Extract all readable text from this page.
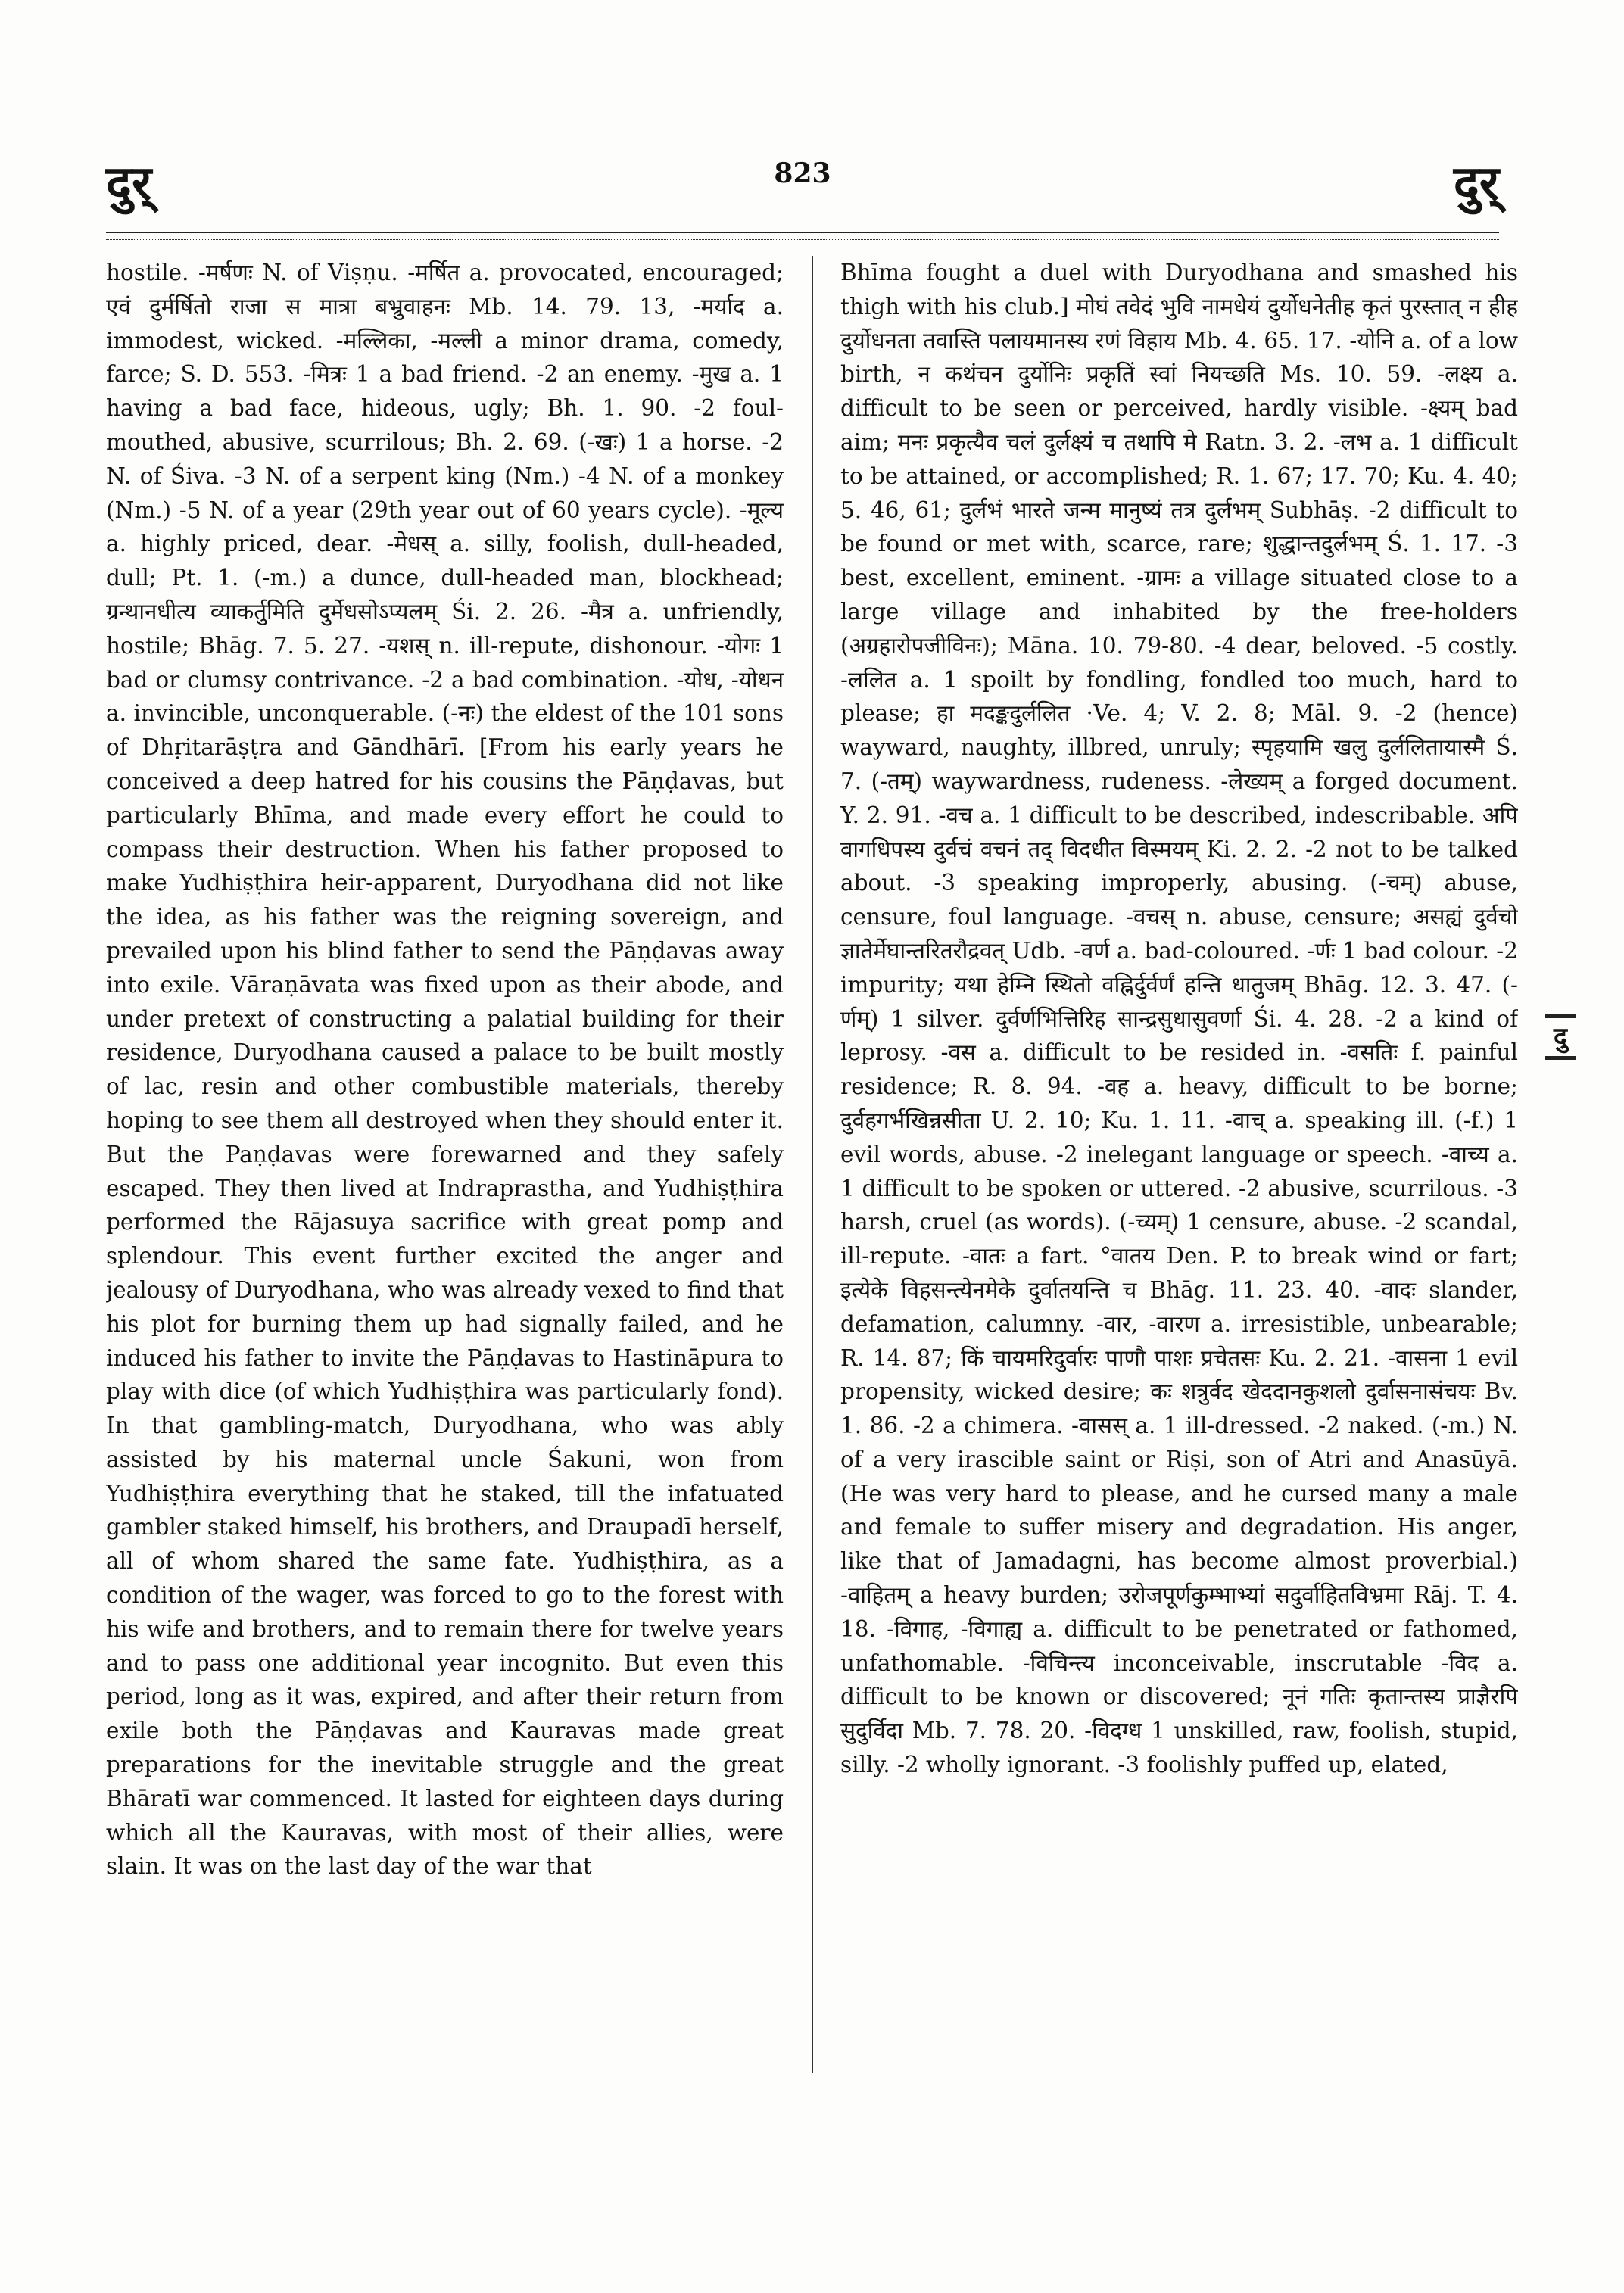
दुर्	823	दुर्

hostile. -मर्षणः N. of Viṣṇu. -मर्षित a. provocated, encouraged; एवं दुर्मर्षितो राजा स मात्रा बभ्रुवाहनः Mb. 14. 79. 13, -मर्याद a. immodest, wicked. -मल्लिका, -मल्ली a minor drama, comedy, farce; S. D. 553. -मित्रः 1 a bad friend. -2 an enemy. -मुख a. 1 having a bad face, hideous, ugly; Bh. 1. 90. -2 foul-mouthed, abusive, scurrilous; Bh. 2. 69. (-खः) 1 a horse. -2 N. of Śiva. -3 N. of a serpent king (Nm.) -4 N. of a monkey (Nm.) -5 N. of a year (29th year out of 60 years cycle). -मूल्य a. highly priced, dear. -मेधस् a. silly, foolish, dull-headed, dull; Pt. 1. (-m.) a dunce, dull-headed man, blockhead; ग्रन्थानधीत्य व्याकर्तुमिति दुर्मेधसोऽप्यलम् Śi. 2. 26. -मैत्र a. unfriendly, hostile; Bhāg. 7. 5. 27. -यशस् n. ill-repute, dishonour. -योगः 1 bad or clumsy contrivance. -2 a bad combination. -योध, -योधन a. invincible, unconquerable. (-नः) the eldest of the 101 sons of Dhṛitarāṣṭra and Gāndhārī. [From his early years he conceived a deep hatred for his cousins the Pāṇḍavas, but particularly Bhīma, and made every effort he could to compass their destruction. When his father proposed to make Yudhiṣṭhira heir-apparent, Duryodhana did not like the idea, as his father was the reigning sovereign, and prevailed upon his blind father to send the Pāṇḍavas away into exile. Vāraṇāvata was fixed upon as their abode, and under pretext of constructing a palatial building for their residence, Duryodhana caused a palace to be built mostly of lac, resin and other combustible materials, thereby hoping to see them all destroyed when they should enter it. But the Paṇḍavas were forewarned and they safely escaped. They then lived at Indraprastha, and Yudhiṣṭhira performed the Rājasuya sacrifice with great pomp and splendour. This event further excited the anger and jealousy of Duryodhana, who was already vexed to find that his plot for burning them up had signally failed, and he induced his father to invite the Pāṇḍavas to Hastināpura to play with dice (of which Yudhiṣṭhira was particularly fond). In that gambling-match, Duryodhana, who was ably assisted by his maternal uncle Śakuni, won from Yudhiṣṭhira everything that he staked, till the infatuated gambler staked himself, his brothers, and Draupadī herself, all of whom shared the same fate. Yudhiṣṭhira, as a condition of the wager, was forced to go to the forest with his wife and brothers, and to remain there for twelve years and to pass one additional year incognito. But even this period, long as it was, expired, and after their return from exile both the Pāṇḍavas and Kauravas made great preparations for the inevitable struggle and the great Bhāratī war commenced. It lasted for eighteen days during which all the Kauravas, with most of their allies, were slain. It was on the last day of the war that

Bhīma fought a duel with Duryodhana and smashed his thigh with his club.] मोघं तवेदं भुवि नामधेयं दुर्योधनेतीह कृतं पुरस्तात् न हीह दुर्योधनता तवास्ति पलायमानस्य रणं विहाय Mb. 4. 65. 17. -योनि a. of a low birth, न कथंचन दुर्योनिः प्रकृतिं स्वां नियच्छति Ms. 10. 59. -लक्ष्य a. difficult to be seen or perceived, hardly visible. -क्ष्यम् bad aim; मनः प्रकृत्यैव चलं दुर्लक्ष्यं च तथापि मे Ratn. 3. 2. -लभ a. 1 difficult to be attained, or accomplished; R. 1. 67; 17. 70; Ku. 4. 40; 5. 46, 61; दुर्लभं भारते जन्म मानुष्यं तत्र दुर्लभम् Subhāṣ. -2 difficult to be found or met with, scarce, rare; शुद्धान्तदुर्लभम् Ś. 1. 17. -3 best, excellent, eminent. -ग्रामः a village situated close to a large village and inhabited by the free-holders (अग्रहारोपजीविनः); Māna. 10. 79-80. -4 dear, beloved. -5 costly. -ललित a. 1 spoilt by fondling, fondled too much, hard to please; हा मदङ्कदुर्ललित ·Ve. 4; V. 2. 8; Māl. 9. -2 (hence) wayward, naughty, illbred, unruly; स्पृहयामि खलु दुर्ललितायास्मै Ś. 7. (-तम्) waywardness, rudeness. -लेख्यम् a forged document. Y. 2. 91. -वच a. 1 difficult to be described, indescribable. अपि वागधिपस्य दुर्वचं वचनं तद् विदधीत विस्मयम् Ki. 2. 2. -2 not to be talked about. -3 speaking improperly, abusing. (-चम्) abuse, censure, foul language. -वचस् n. abuse, censure; असह्यं दुर्वचो ज्ञातेर्मेघान्तरितरौद्रवत् Udb. -वर्ण a. bad-coloured. -र्णः 1 bad colour. -2 impurity; यथा हेम्नि स्थितो वह्निर्दुर्वर्णं हन्ति धातुजम् Bhāg. 12. 3. 47. (-र्णम्) 1 silver. दुर्वर्णभित्तिरिह सान्द्रसुधासुवर्णा Śi. 4. 28. -2 a kind of leprosy. -वस a. difficult to be resided in. -वसतिः f. painful residence; R. 8. 94. -वह a. heavy, difficult to be borne; दुर्वहगर्भखिन्नसीता U. 2. 10; Ku. 1. 11. -वाच् a. speaking ill. (-f.) 1 evil words, abuse. -2 inelegant language or speech. -वाच्य a. 1 difficult to be spoken or uttered. -2 abusive, scurrilous. -3 harsh, cruel (as words). (-च्यम्) 1 censure, abuse. -2 scandal, ill-repute. -वातः a fart. °वातय Den. P. to break wind or fart; इत्येके विहसन्त्येनमेके दुर्वातयन्ति च Bhāg. 11. 23. 40. -वादः slander, defamation, calumny. -वार, -वारण a. irresistible, unbearable; R. 14. 87; किं चायमरिदुर्वारः पाणौ पाशः प्रचेतसः Ku. 2. 21. -वासना 1 evil propensity, wicked desire; कः शत्रुर्वद खेददानकुशलो दुर्वासनासंचयः Bv. 1. 86. -2 a chimera. -वासस् a. 1 ill-dressed. -2 naked. (-m.) N. of a very irascible saint or Riṣi, son of Atri and Anasūyā. (He was very hard to please, and he cursed many a male and female to suffer misery and degradation. His anger, like that of Jamadagni, has become almost proverbial.) -वाहितम् a heavy burden; उरोजपूर्णकुम्भाभ्यां सदुर्वाहितविभ्रमा Rāj. T. 4. 18. -विगाह, -विगाह्य a. difficult to be penetrated or fathomed, unfathomable. -विचिन्त्य inconceivable, inscrutable -विद a. difficult to be known or discovered; नूनं गतिः कृतान्तस्य प्राज्ञैरपि सुदुर्विदा Mb. 7. 78. 20. -विदग्ध 1 unskilled, raw, foolish, stupid, silly. -2 wholly ignorant. -3 foolishly puffed up, elated,

दु
